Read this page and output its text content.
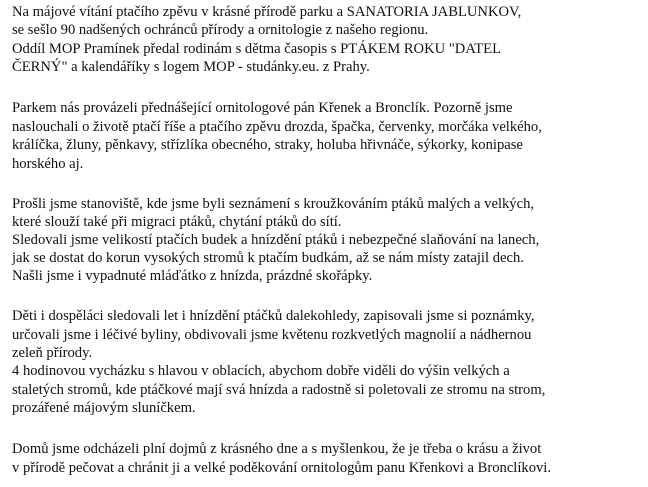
Na májové vítání ptačího zpěvu v krásné přírodě parku a SANATORIA JABLUNKOV,
se sešlo 90 nadšených ochránců přírody a ornitologie z našeho regionu.
Oddíl MOP Pramínek předal rodinám s dětma časopis s PTÁKEM ROKU "DATEL
ČERNÝ" a kalendáříky s logem MOP - studánky.eu. z Prahy.
Parkem nás provázeli přednášející ornitologové pán Křenek a Bronclík. Pozorně jsme
naslouchali o životě ptačí říše a ptačího zpěvu drozda, špačka, červenky, morčáka velkého,
králíčka, žluny, pěnkavy, střízlíka obecného, straky, holuba hřivnáče, sýkorky, konipase
horského aj.
Prošli jsme stanoviště, kde jsme byli seznámení s kroužkováním ptáků malých a velkých,
které slouží také při migraci ptáků, chytání ptáků do sítí.
Sledovali jsme velikostí ptačích budek a hnízdění ptáků i nebezpečné slaňování na lanech,
jak se dostat do korun vysokých stromů k ptačím budkám, až se nám místy zatajil dech.
Našli jsme i vypadnuté mláďátko z hnízda, prázdné skořápky.
Děti i dospěláci sledovali let i hnízdění ptáčků dalekohledy, zapisovali jsme si poznámky,
určovali jsme i léčivé byliny, obdivovali jsme květenu rozkvetlých magnolií a nádhernou
zeleň přírody.
4 hodinovou vycházku s hlavou v oblacích, abychom dobře viděli do výšin velkých a
staletých stromů, kde ptáčkové mají svá hnízda a radostně si poletovali ze stromu na strom,
prozářené májovým sluníčkem.
Domů jsme odcházeli plní dojmů z krásného dne a s myšlenkou, že je třeba o krásu a život
v přírodě pečovat a chránit ji a velké poděkování ornitologům panu Křenkovi a Bronclíkovi.
